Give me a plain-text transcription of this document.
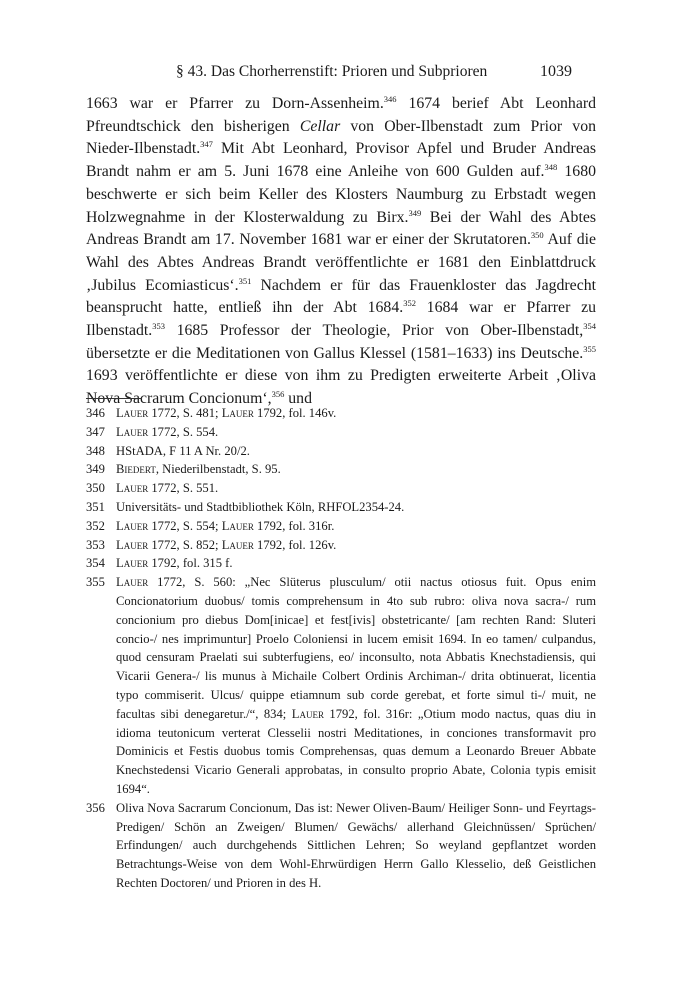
§ 43. Das Chorherrenstift: Prioren und Subprioren	1039

1663 war er Pfarrer zu Dorn-Assenheim.$^{346}$ 1674 berief Abt Leonhard Pfreundtschick den bisherigen Cellar von Ober-Ilbenstadt zum Prior von Nieder-Ilbenstadt.$^{347}$ Mit Abt Leonhard, Provisor Apfel und Bruder Andreas Brandt nahm er am 5. Juni 1678 eine Anleihe von 600 Gulden auf.$^{348}$ 1680 beschwerte er sich beim Keller des Klosters Naumburg zu Erbstadt wegen Holzwegnahme in der Klosterwaldung zu Birx.$^{349}$ Bei der Wahl des Abtes Andreas Brandt am 17. November 1681 war er einer der Skrutatoren.$^{350}$ Auf die Wahl des Abtes Andreas Brandt veröffentlichte er 1681 den Einblattdruck ‚Jubilus Ecomiasticus‘.$^{351}$ Nachdem er für das Frauenkloster das Jagdrecht beansprucht hatte, entließ ihn der Abt 1684.$^{352}$ 1684 war er Pfarrer zu Ilbenstadt.$^{353}$ 1685 Professor der Theologie, Prior von Ober-Ilbenstadt,$^{354}$ übersetzte er die Meditationen von Gallus Klessel (1581–1633) ins Deutsche.$^{355}$ 1693 veröffentlichte er diese von ihm zu Predigten erweiterte Arbeit ‚Oliva Nova Sacrarum Concionum‘,$^{356}$ und

346 Lauer 1772, S. 481; Lauer 1792, fol. 146v.
347 Lauer 1772, S. 554.
348 HStADA, F 11 A Nr. 20/2.
349 Biedert, Niederilbenstadt, S. 95.
350 Lauer 1772, S. 551.
351 Universitäts- und Stadtbibliothek Köln, RHFOL2354-24.
352 Lauer 1772, S. 554; Lauer 1792, fol. 316r.
353 Lauer 1772, S. 852; Lauer 1792, fol. 126v.
354 Lauer 1792, fol. 315 f.
355 Lauer 1772, S. 560: „Nec Slüterus plusculum/ otii nactus otiosus fuit. Opus enim Concionatorium duobus/ tomis comprehensum in 4to sub rubro: oliva nova sacra-/ rum concionium pro diebus Dom[inicae] et fest[ivis] obstetricante/ [am rechten Rand: Sluteri concio-/ nes imprimuntur] Proelo Coloniensi in lucem emisit 1694. In eo tamen/ culpandus, quod censuram Praelati sui subterfugiens, eo/ inconsulto, nota Abbatis Knechstadiensis, qui Vicarii Genera-/ lis munus à Michaile Colbert Ordinis Archiman-/ drita obtinuerat, licentia typo commiserit. Ulcus/ quippe etiamnum sub corde gerebat, et forte simul ti-/ muit, ne facultas sibi denegaretur./“, 834; Lauer 1792, fol. 316r: „Otium modo nactus, quas diu in idioma teutonicum verterat Clesselii nostri Meditationes, in conciones transformavit pro Dominicis et Festis duobus tomis Comprehensas, quas demum a Leonardo Breuer Abbate Knechstedensi Vicario Generali approbatas, in consulto proprio Abate, Colonia typis emisit 1694“.
356 Oliva Nova Sacrarum Concionum, Das ist: Newer Oliven-Baum/ Heiliger Sonn- und Feyrtags-Predigen/ Schön an Zweigen/ Blumen/ Gewächs/ allerhand Gleichnüssen/ Sprüchen/ Erfindungen/ auch durchgehends Sittlichen Lehren; So weyland gepflantzet worden Betrachtungs-Weise von dem Wohl-Ehrwürdigen Herrn Gallo Klesselio, deß Geistlichen Rechten Doctoren/ und Prioren in des H.
